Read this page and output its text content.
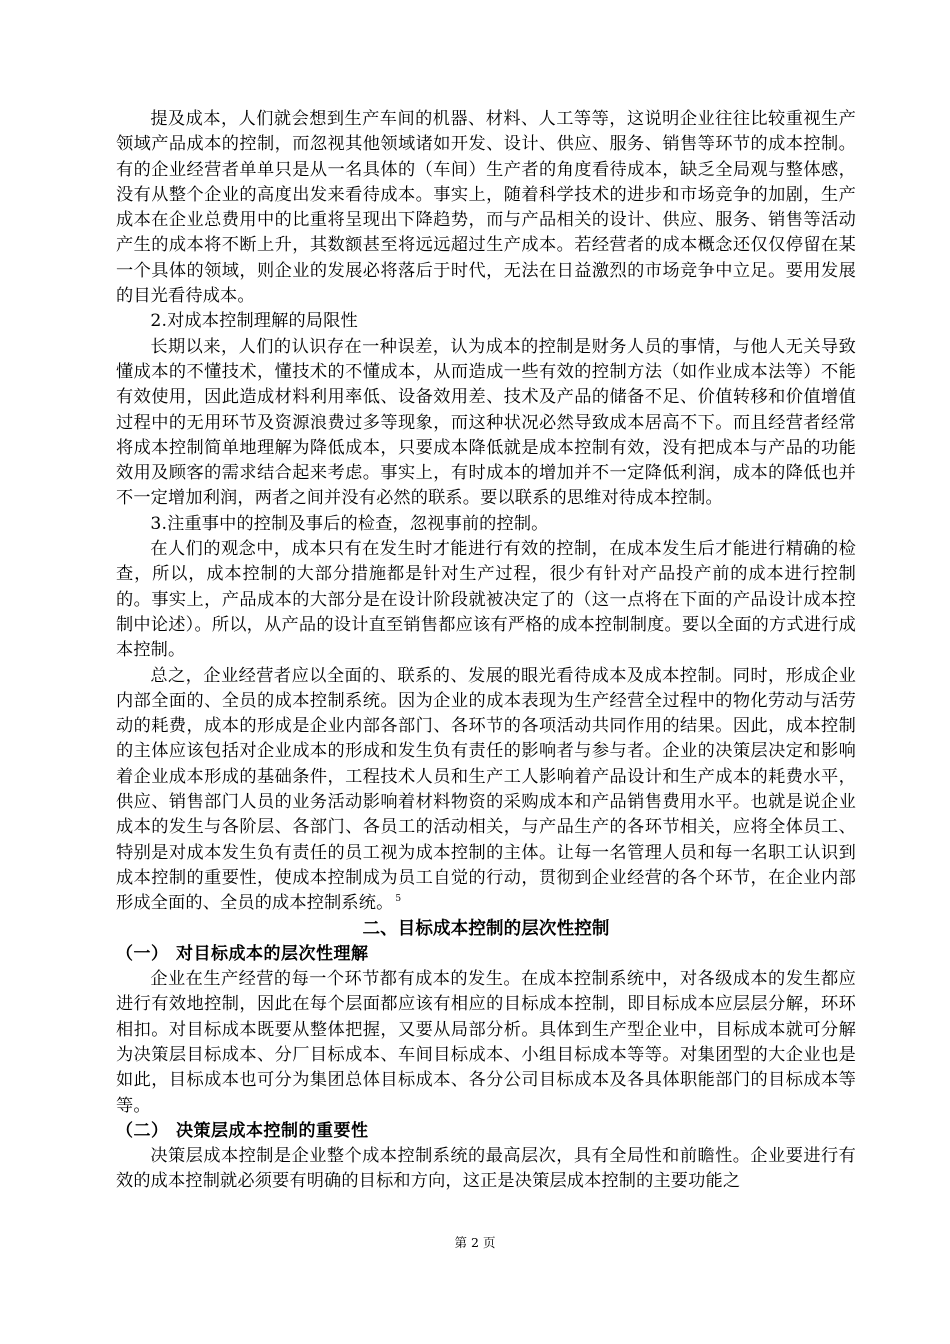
提及成本，人们就会想到生产车间的机器、材料、人工等等，这说明企业往往比较重视生产领域产品成本的控制，而忽视其他领域诸如开发、设计、供应、服务、销售等环节的成本控制。有的企业经营者单单只是从一名具体的（车间）生产者的角度看待成本，缺乏全局观与整体感，没有从整个企业的高度出发来看待成本。事实上，随着科学技术的进步和市场竞争的加剧，生产成本在企业总费用中的比重将呈现出下降趋势，而与产品相关的设计、供应、服务、销售等活动产生的成本将不断上升，其数额甚至将远远超过生产成本。若经营者的成本概念还仅仅停留在某一个具体的领域，则企业的发展必将落后于时代，无法在日益激烈的市场竞争中立足。要用发展的目光看待成本。

2.对成本控制理解的局限性

长期以来，人们的认识存在一种误差，认为成本的控制是财务人员的事情，与他人无关导致懂成本的不懂技术，懂技术的不懂成本，从而造成一些有效的控制方法（如作业成本法等）不能有效使用，因此造成材料利用率低、设备效用差、技术及产品的储备不足、价值转移和价值增值过程中的无用环节及资源浪费过多等现象，而这种状况必然导致成本居高不下。而且经营者经常将成本控制简单地理解为降低成本，只要成本降低就是成本控制有效，没有把成本与产品的功能效用及顾客的需求结合起来考虑。事实上，有时成本的增加并不一定降低利润，成本的降低也并不一定增加利润，两者之间并没有必然的联系。要以联系的思维对待成本控制。

3.注重事中的控制及事后的检查，忽视事前的控制。

在人们的观念中，成本只有在发生时才能进行有效的控制，在成本发生后才能进行精确的检查，所以，成本控制的大部分措施都是针对生产过程，很少有针对产品投产前的成本进行控制的。事实上，产品成本的大部分是在设计阶段就被决定了的（这一点将在下面的产品设计成本控制中论述）。所以，从产品的设计直至销售都应该有严格的成本控制制度。要以全面的方式进行成本控制。

总之，企业经营者应以全面的、联系的、发展的眼光看待成本及成本控制。同时，形成企业内部全面的、全员的成本控制系统。因为企业的成本表现为生产经营全过程中的物化劳动与活劳动的耗费，成本的形成是企业内部各部门、各环节的各项活动共同作用的结果。因此，成本控制的主体应该包括对企业成本的形成和发生负有责任的影响者与参与者。企业的决策层决定和影响着企业成本形成的基础条件，工程技术人员和生产工人影响着产品设计和生产成本的耗费水平，供应、销售部门人员的业务活动影响着材料物资的采购成本和产品销售费用水平。也就是说企业成本的发生与各阶层、各部门、各员工的活动相关，与产品生产的各环节相关，应将全体员工、特别是对成本发生负有责任的员工视为成本控制的主体。让每一名管理人员和每一名职工认识到成本控制的重要性，使成本控制成为员工自觉的行动，贯彻到企业经营的各个环节，在企业内部形成全面的、全员的成本控制系统。 $^5$

二、目标成本控制的层次性控制
（一） 对目标成本的层次性理解

企业在生产经营的每一个环节都有成本的发生。在成本控制系统中，对各级成本的发生都应进行有效地控制，因此在每个层面都应该有相应的目标成本控制，即目标成本应层层分解，环环相扣。对目标成本既要从整体把握，又要从局部分析。具体到生产型企业中，目标成本就可分解为决策层目标成本、分厂目标成本、车间目标成本、小组目标成本等等。对集团型的大企业也是如此，目标成本也可分为集团总体目标成本、各分公司目标成本及各具体职能部门的目标成本等等。

（二） 决策层成本控制的重要性

决策层成本控制是企业整个成本控制系统的最高层次，具有全局性和前瞻性。企业要进行有效的成本控制就必须要有明确的目标和方向，这正是决策层成本控制的主要功能之

第 2 页
